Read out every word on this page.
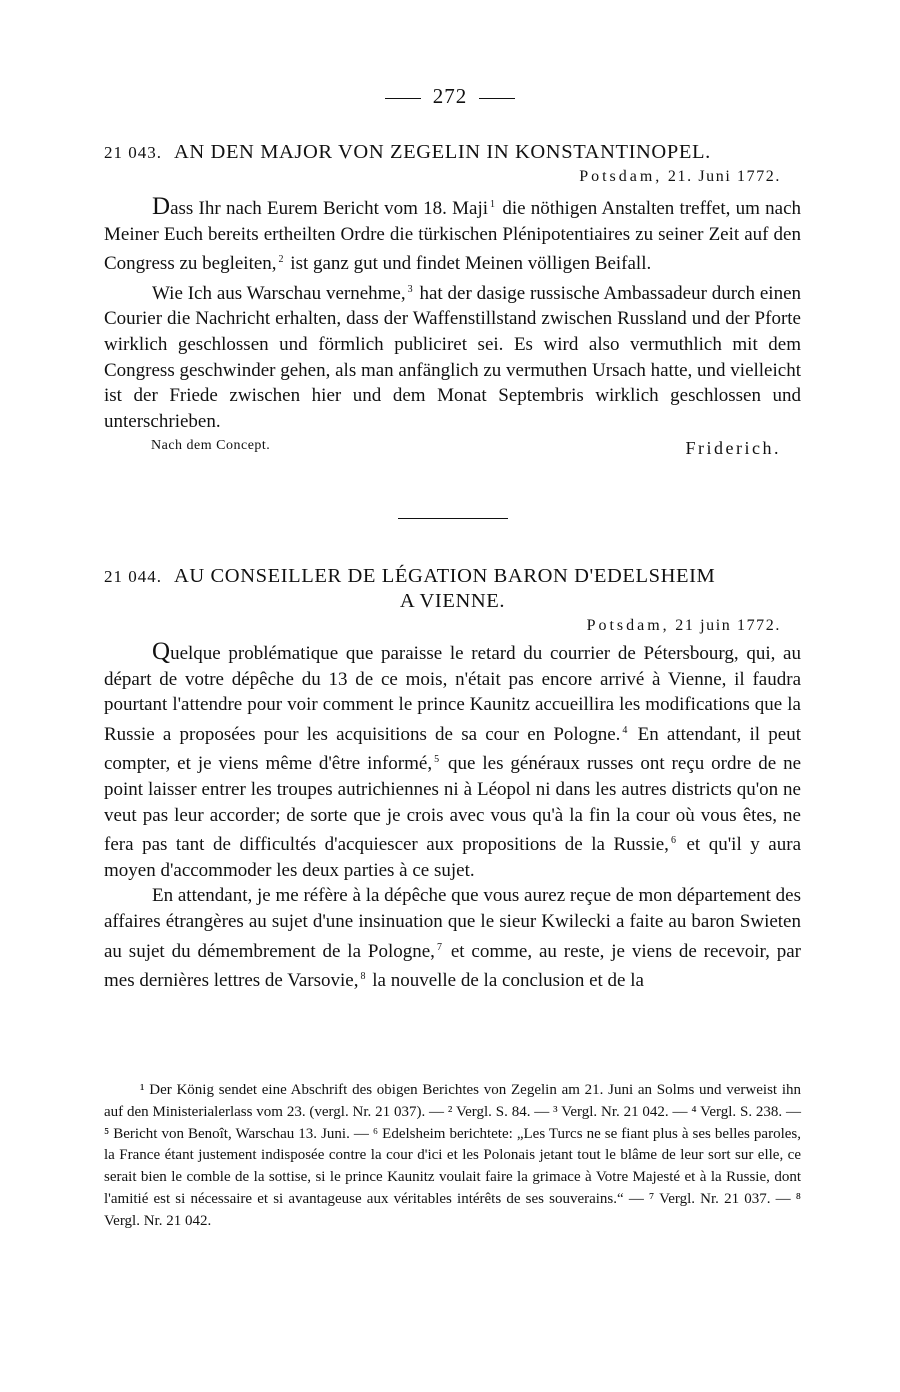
272
21 043. AN DEN MAJOR VON ZEGELIN IN KONSTANTINOPEL.
Potsdam, 21. Juni 1772.

Dass Ihr nach Eurem Bericht vom 18. Maji $^1$ die nöthigen Anstalten treffet, um nach Meiner Euch bereits ertheilten Ordre die türkischen Plénipotentiaires zu seiner Zeit auf den Congress zu begleiten, $^2$ ist ganz gut und findet Meinen völligen Beifall.

Wie Ich aus Warschau vernehme, $^3$ hat der dasige russische Ambassadeur durch einen Courier die Nachricht erhalten, dass der Waffenstillstand zwischen Russland und der Pforte wirklich geschlossen und förmlich publiciret sei. Es wird also vermuthlich mit dem Congress geschwinder gehen, als man anfänglich zu vermuthen Ursach hatte, und vielleicht ist der Friede zwischen hier und dem Monat Septembris wirklich geschlossen und unterschrieben.

Friderich.
Nach dem Concept.
21 044. AU CONSEILLER DE LÉGATION BARON D'EDELSHEIM
A VIENNE.
Potsdam, 21 juin 1772.

Quelque problématique que paraisse le retard du courrier de Pétersbourg, qui, au départ de votre dépêche du 13 de ce mois, n'était pas encore arrivé à Vienne, il faudra pourtant l'attendre pour voir comment le prince Kaunitz accueillira les modifications que la Russie a proposées pour les acquisitions de sa cour en Pologne. $^4$ En attendant, il peut compter, et je viens même d'être informé, $^5$ que les généraux russes ont reçu ordre de ne point laisser entrer les troupes autrichiennes ni à Léopol ni dans les autres districts qu'on ne veut pas leur accorder; de sorte que je crois avec vous qu'à la fin la cour où vous êtes, ne fera pas tant de difficultés d'acquiescer aux propositions de la Russie, $^6$ et qu'il y aura moyen d'accommoder les deux parties à ce sujet.

En attendant, je me réfère à la dépêche que vous aurez reçue de mon département des affaires étrangères au sujet d'une insinuation que le sieur Kwilecki a faite au baron Swieten au sujet du démembrement de la Pologne, $^7$ et comme, au reste, je viens de recevoir, par mes dernières lettres de Varsovie, $^8$ la nouvelle de la conclusion et de la

¹ Der König sendet eine Abschrift des obigen Berichtes von Zegelin am 21. Juni an Solms und verweist ihn auf den Ministerialerlass vom 23. (vergl. Nr. 21 037). — ² Vergl. S. 84. — ³ Vergl. Nr. 21 042. — ⁴ Vergl. S. 238. — ⁵ Bericht von Benoît, Warschau 13. Juni. — ⁶ Edelsheim berichtete: „Les Turcs ne se fiant plus à ses belles paroles, la France étant justement indisposée contre la cour d'ici et les Polonais jetant tout le blâme de leur sort sur elle, ce serait bien le comble de la sottise, si le prince Kaunitz voulait faire la grimace à Votre Majesté et à la Russie, dont l'amitié est si nécessaire et si avantageuse aux véritables intérêts de ses souverains.“ — ⁷ Vergl. Nr. 21 037. — ⁸ Vergl. Nr. 21 042.
